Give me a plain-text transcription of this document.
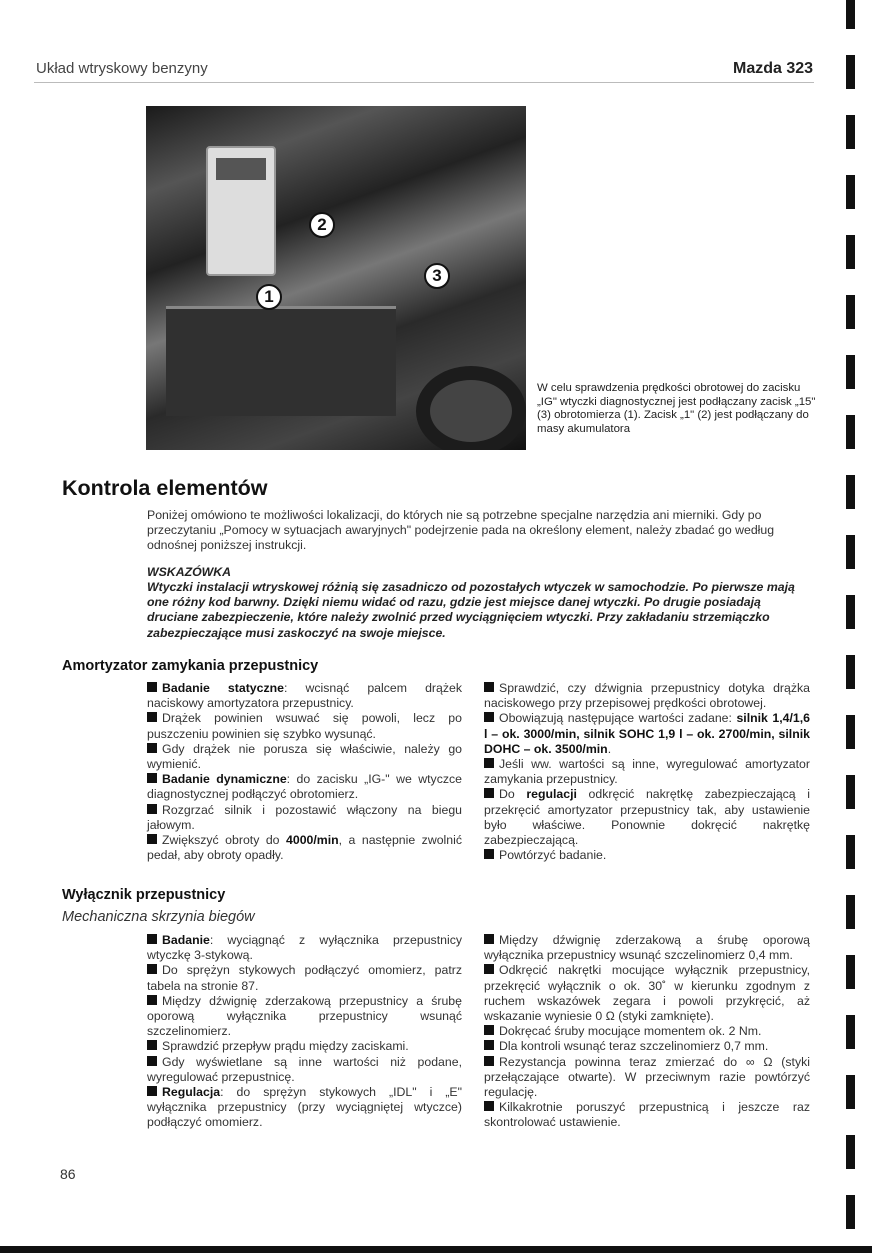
Układ wtryskowy benzyny	Mazda 323
1
2
3
W celu sprawdzenia prędkości obrotowej do zacisku „IG" wtyczki diagnostycznej jest podłączany zacisk „15" (3) obrotomierza (1). Zacisk „1" (2) jest podłączany do masy akumulatora
Kontrola elementów
Poniżej omówiono te możliwości lokalizacji, do których nie są potrzebne specjalne narzędzia ani mierniki. Gdy po przeczytaniu „Pomocy w sytuacjach awaryjnych" podejrzenie pada na określony element, należy zbadać go według odnośnej poniższej instrukcji.
WSKAZÓWKA
Wtyczki instalacji wtryskowej różnią się zasadniczo od pozostałych wtyczek w samochodzie. Po pierwsze mają one różny kod barwny. Dzięki niemu widać od razu, gdzie jest miejsce danej wtyczki. Po drugie posiadają druciane zabezpieczenie, które należy zwolnić przed wyciągnięciem wtyczki. Przy zakładaniu strzemiączko zabezpieczające musi zaskoczyć na swoje miejsce.
Amortyzator zamykania przepustnicy
Badanie statyczne: wcisnąć palcem drążek naciskowy amortyzatora przepustnicy.
Drążek powinien wsuwać się powoli, lecz po puszczeniu powinien się szybko wysunąć.
Gdy drążek nie porusza się właściwie, należy go wymienić.
Badanie dynamiczne: do zacisku „IG-" we wtyczce diagnostycznej podłączyć obrotomierz.
Rozgrzać silnik i pozostawić włączony na biegu jałowym.
Zwiększyć obroty do 4000/min, a następnie zwolnić pedał, aby obroty opadły.
Sprawdzić, czy dźwignia przepustnicy dotyka drążka naciskowego przy przepisowej prędkości obrotowej.
Obowiązują następujące wartości zadane: silnik 1,4/1,6 l – ok. 3000/min, silnik SOHC 1,9 l – ok. 2700/min, silnik DOHC – ok. 3500/min.
Jeśli ww. wartości są inne, wyregulować amortyzator zamykania przepustnicy.
Do regulacji odkręcić nakrętkę zabezpieczającą i przekręcić amortyzator przepustnicy tak, aby ustawienie było właściwe. Ponownie dokręcić nakrętkę zabezpieczającą.
Powtórzyć badanie.
Wyłącznik przepustnicy
Mechaniczna skrzynia biegów
Badanie: wyciągnąć z wyłącznika przepustnicy wtyczkę 3-stykową.
Do sprężyn stykowych podłączyć omomierz, patrz tabela na stronie 87.
Między dźwignię zderzakową przepustnicy a śrubę oporową wyłącznika przepustnicy wsunąć szczelinomierz.
Sprawdzić przepływ prądu między zaciskami.
Gdy wyświetlane są inne wartości niż podane, wyregulować przepustnicę.
Regulacja: do sprężyn stykowych „IDL" i „E" wyłącznika przepustnicy (przy wyciągniętej wtyczce) podłączyć omomierz.
Między dźwignię zderzakową a śrubę oporową wyłącznika przepustnicy wsunąć szczelinomierz 0,4 mm.
Odkręcić nakrętki mocujące wyłącznik przepustnicy, przekręcić wyłącznik o ok. 30˚ w kierunku zgodnym z ruchem wskazówek zegara i powoli przykręcić, aż wskazanie wyniesie 0 Ω (styki zamknięte).
Dokręcać śruby mocujące momentem ok. 2 Nm.
Dla kontroli wsunąć teraz szczelinomierz 0,7 mm.
Rezystancja powinna teraz zmierzać do ∞ Ω (styki przełączające otwarte). W przeciwnym razie powtórzyć regulację.
Kilkakrotnie poruszyć przepustnicą i jeszcze raz skontrolować ustawienie.
86
